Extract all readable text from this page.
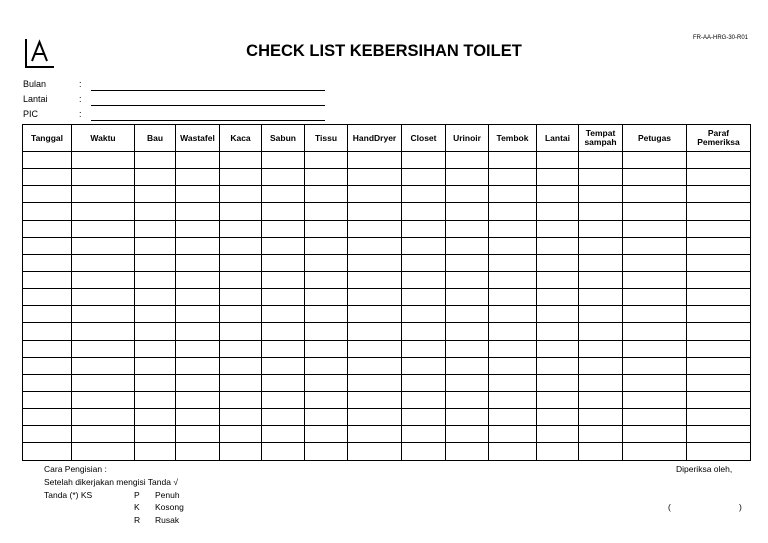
FR-AA-HRG-30-R01
CHECK LIST KEBERSIHAN TOILET
Bulan	:
Lantai	:
PIC	:
Tanggal	Waktu	Bau	Wastafel	Kaca	Sabun	Tissu	HandDryer	Closet	Urinoir	Tembok	Lantai	Tempat sampah	Petugas	Paraf Pemeriksa

Cara Pengisian :
Setelah dikerjakan mengisi Tanda √
Tanda (*) KS	P Penuh
K Kosong
R Rusak
Diperiksa oleh,
(	)
